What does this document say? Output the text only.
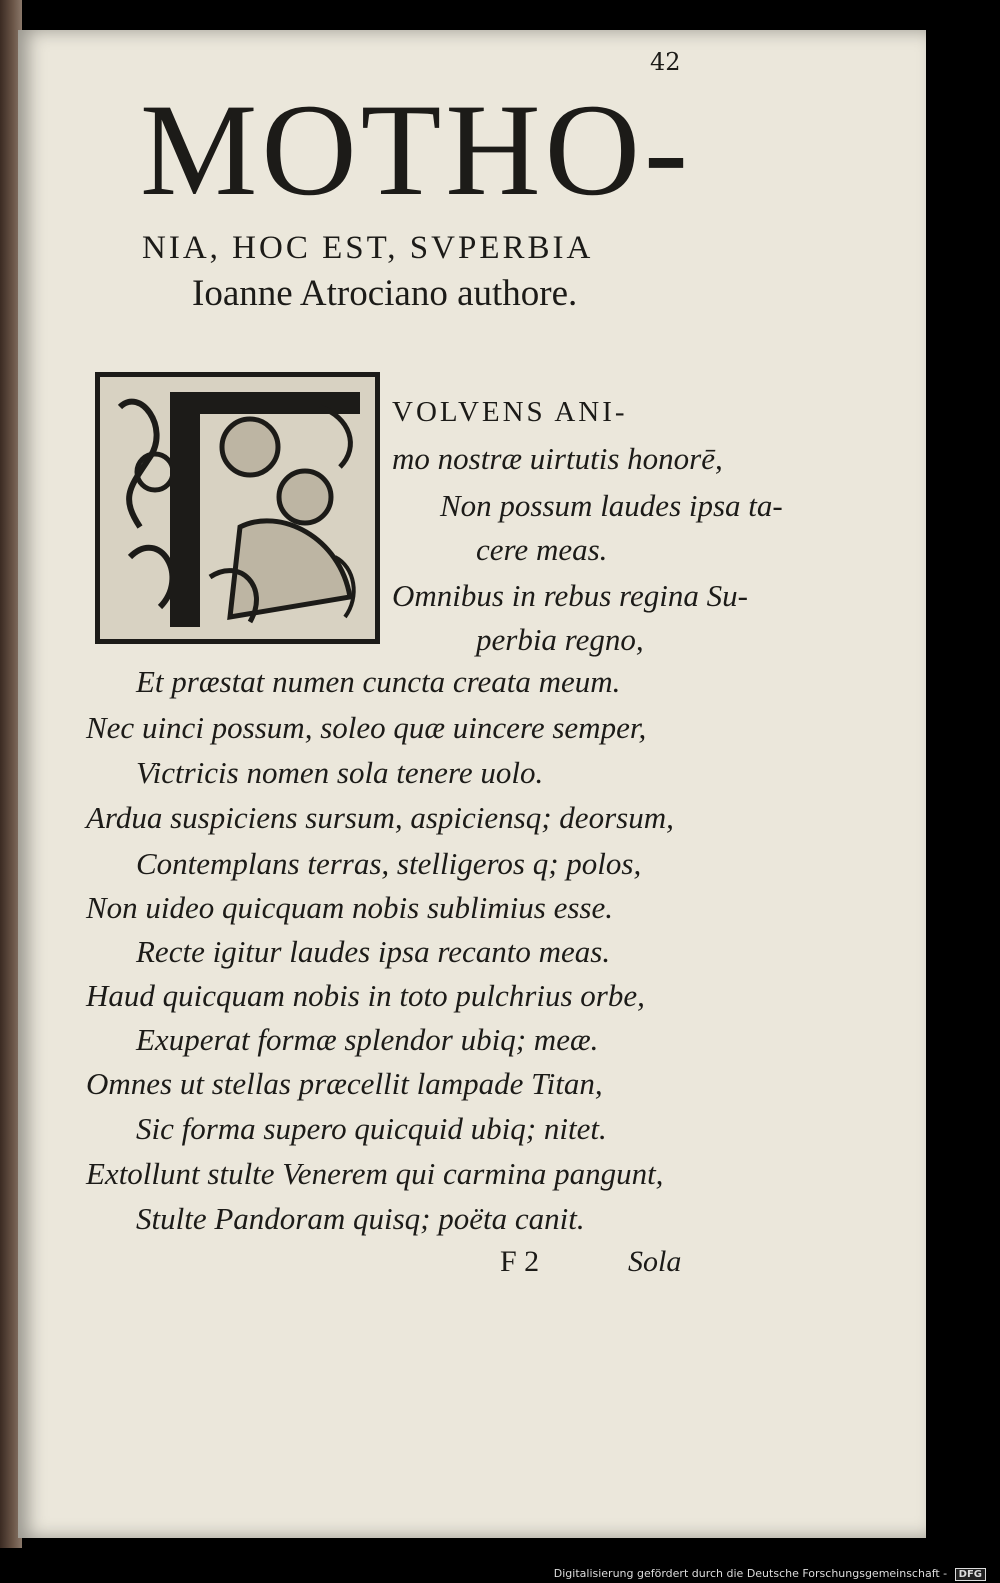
42
MOTHO-
NIA, HOC EST, SVPERBIA
Ioanne Atrociano authore.

VOLVENS ANI-

mo nostræ uirtutis honorē,

Non possum laudes ipsa ta-

cere meas.

Omnibus in rebus regina Su-

perbia regno,

Et præstat numen cuncta creata meum.

Nec uinci possum, soleo quæ uincere semper,

Victricis nomen sola tenere uolo.

Ardua suspiciens sursum, aspiciensq; deorsum,

Contemplans terras, stelligeros q; polos,

Non uideo quicquam nobis sublimius esse.

Recte igitur laudes ipsa recanto meas.

Haud quicquam nobis in toto pulchrius orbe,

Exuperat formæ splendor ubiq; meæ.

Omnes ut stellas præcellit lampade Titan,

Sic forma supero quicquid ubiq; nitet.

Extollunt stulte Venerem qui carmina pangunt,

Stulte Pandoram quisq; poëta canit.

F 2	Sola
Digitalisierung gefördert durch die Deutsche Forschungsgemeinschaft - DFG
